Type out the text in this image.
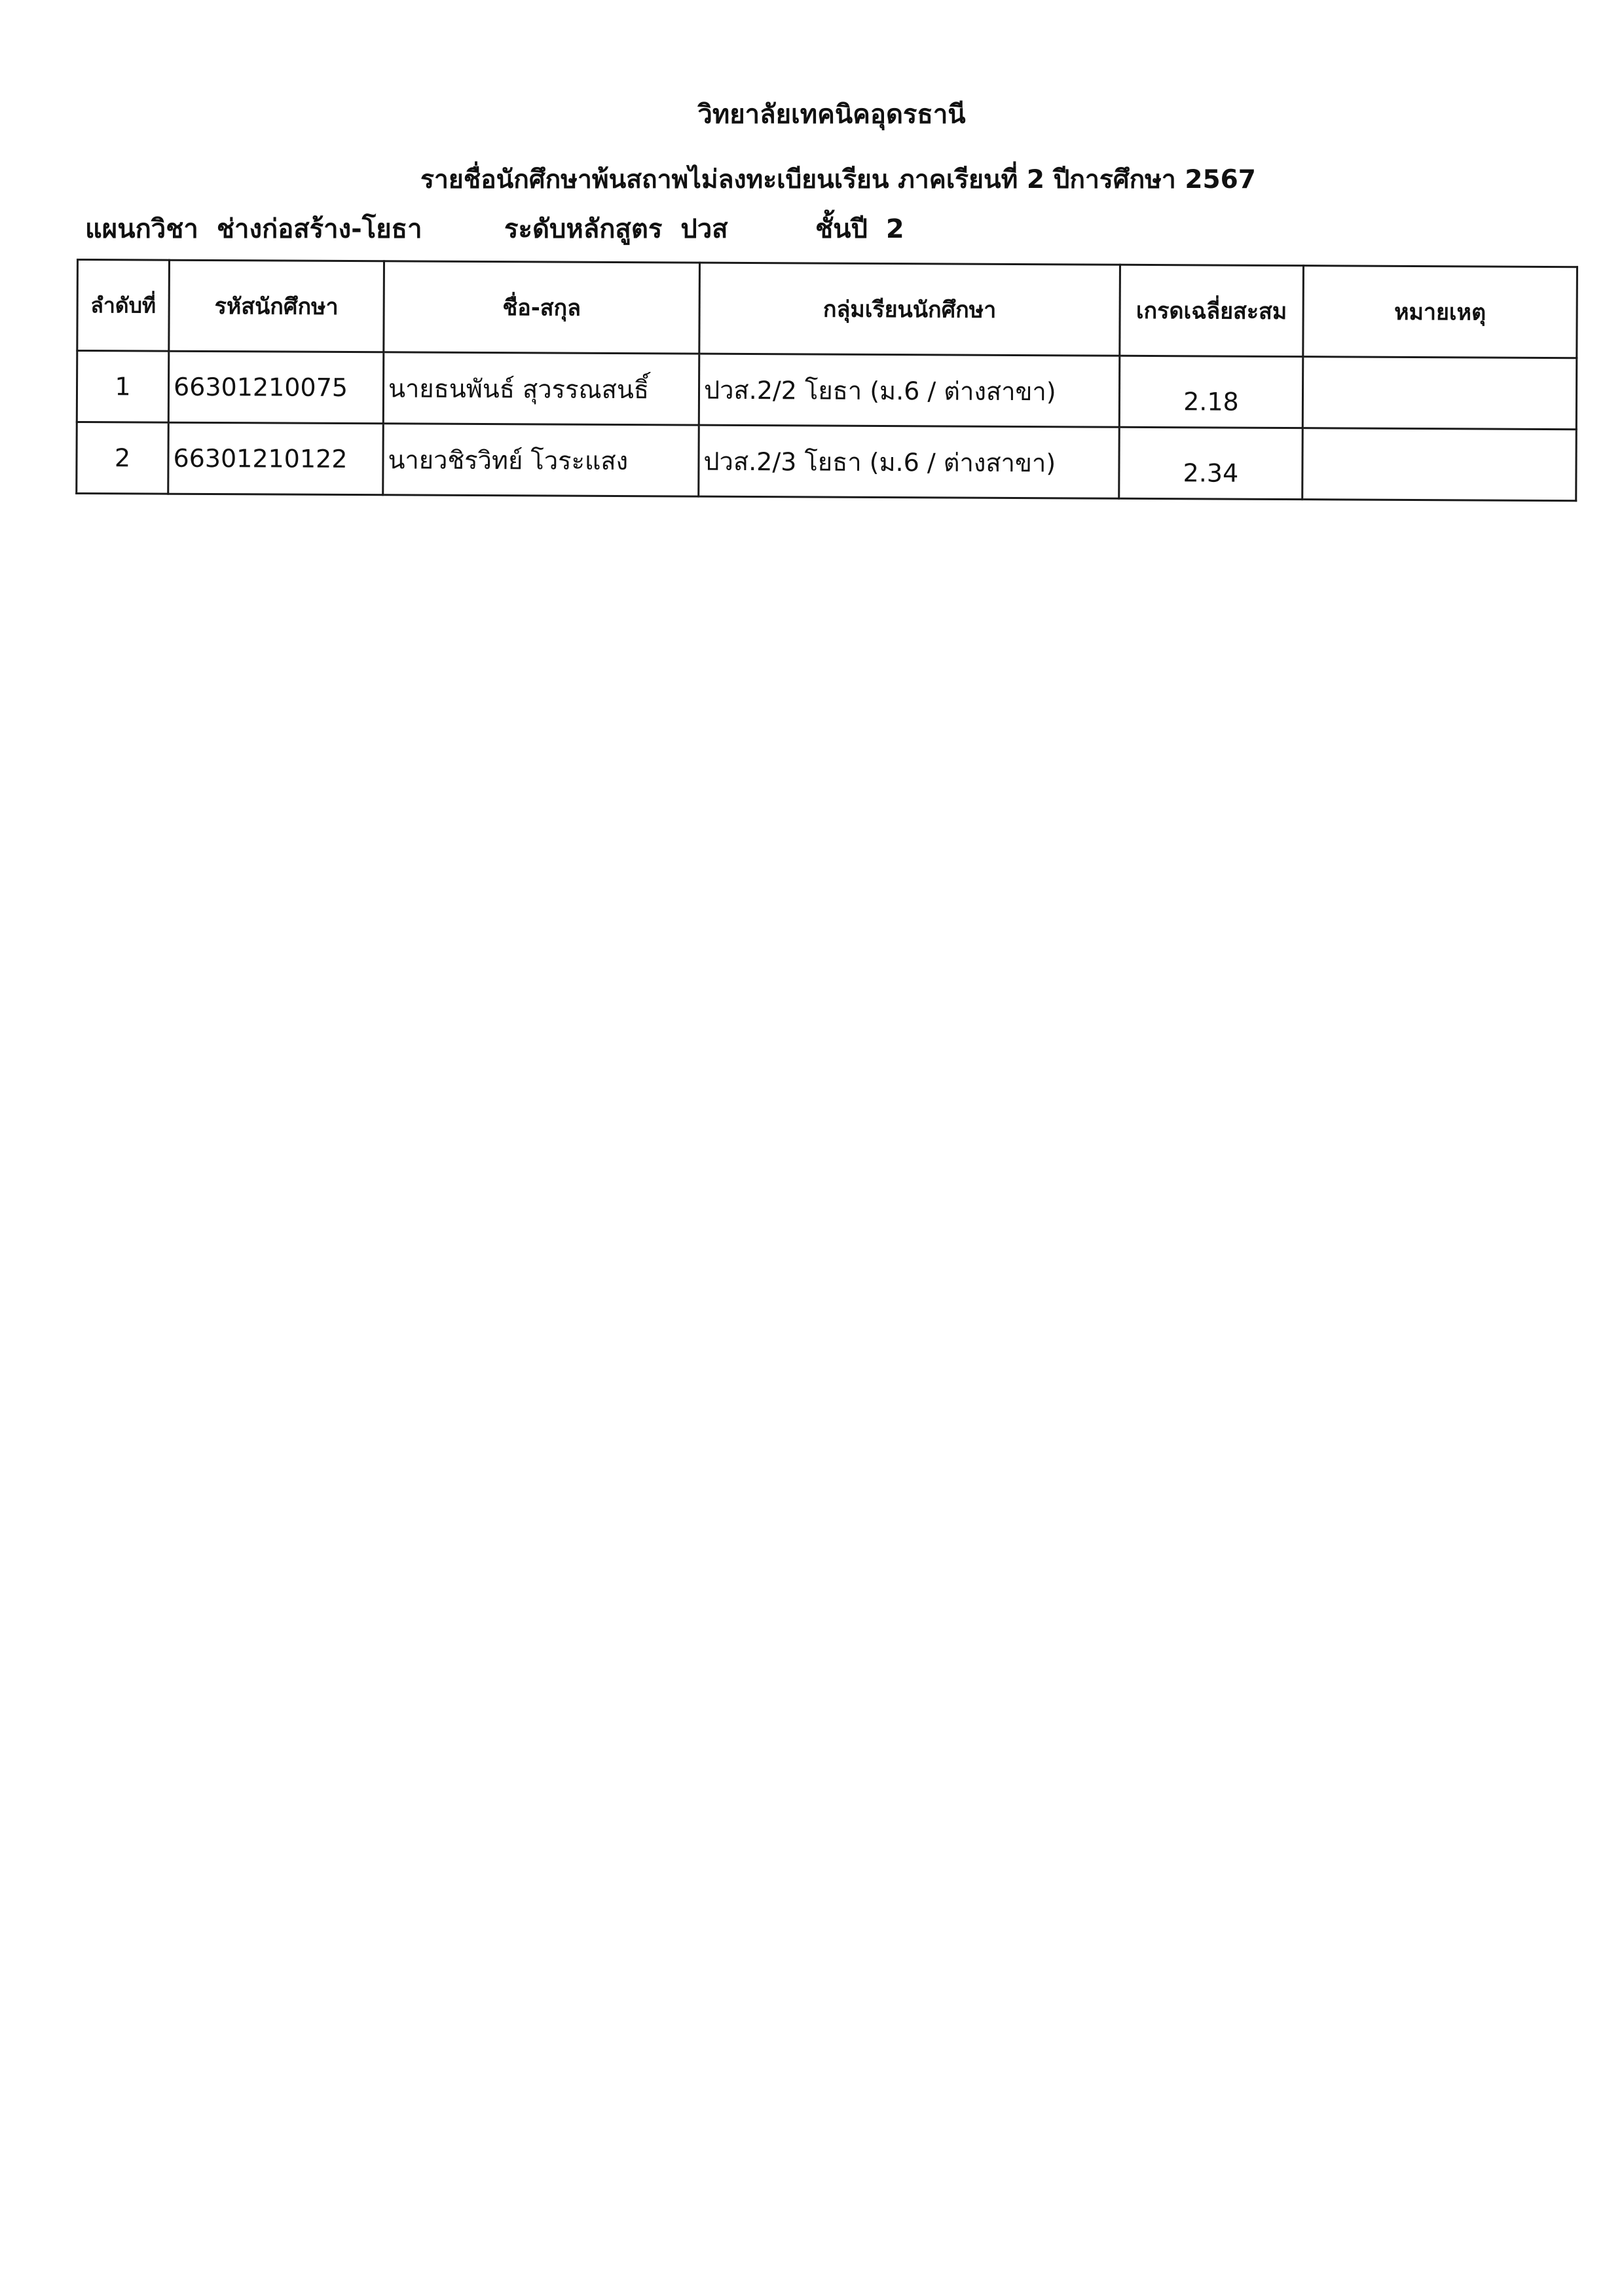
วิทยาลัยเทคนิคอุดรธานี
รายชื่อนักศึกษาพ้นสถาพไม่ลงทะเบียนเรียน ภาคเรียนที่ 2 ปีการศึกษา 2567
แผนกวิชา ช่างก่อสร้าง-โยธา	ระดับหลักสูตร ปวส	ชั้นปี 2
ลำดับที่	รหัสนักศึกษา	ชื่อ-สกุล	กลุ่มเรียนนักศึกษา	เกรดเฉลี่ยสะสม	หมายเหตุ
1	66301210075	นายธนพันธ์ สุวรรณสนธิ์	ปวส.2/2 โยธา (ม.6 / ต่างสาขา)	2.18	
2	66301210122	นายวชิรวิทย์ โวระแสง	ปวส.2/3 โยธา (ม.6 / ต่างสาขา)	2.34	
